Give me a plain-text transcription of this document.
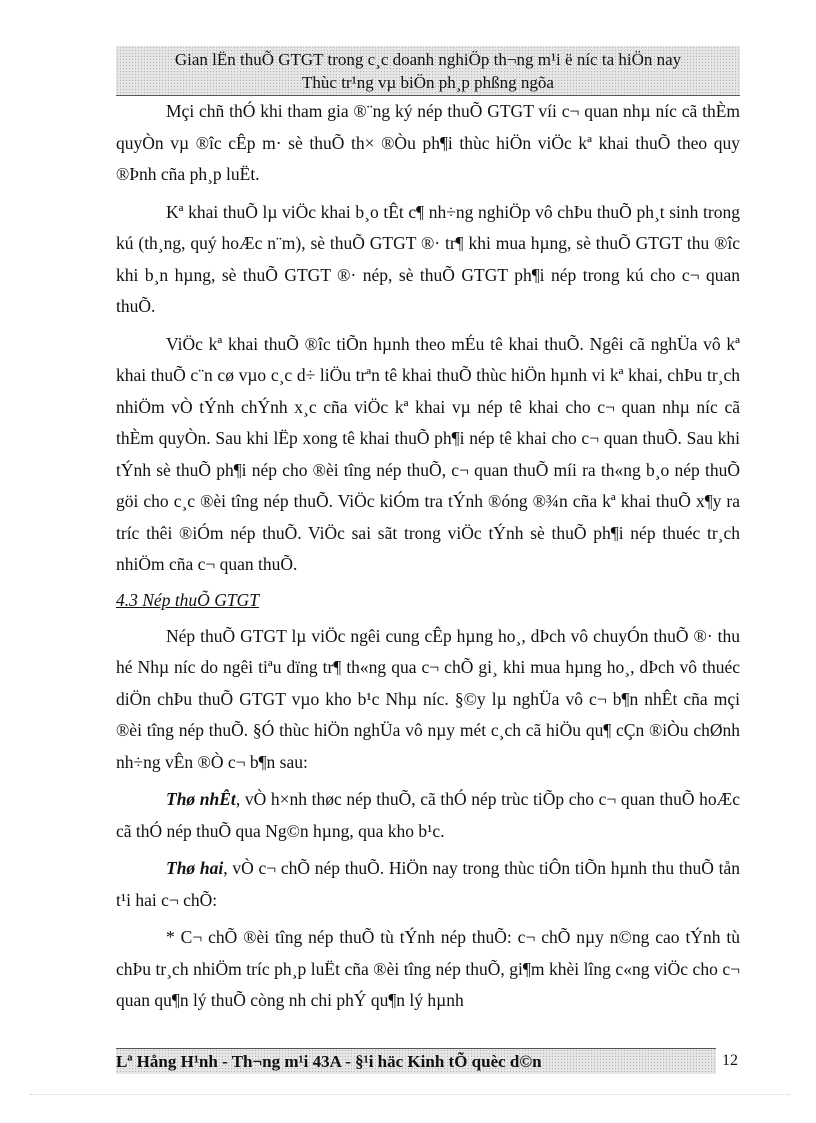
Gian lËn thuÕ GTGT trong c¸c doanh nghiÖp th¬ng m¹i ë níc ta hiÖn nay
Thùc tr¹ng vµ biÖn ph¸p phßng ngõa

Mçi chñ thÓ khi tham gia ®¨ng ký nép thuÕ GTGT víi c¬ quan nhµ níc cã thÈm quyÒn vµ ®îc cÊp m· sè thuÕ th× ®Òu ph¶i thùc hiÖn viÖc kª khai thuÕ theo quy ®Þnh cña ph¸p luËt.

Kª khai thuÕ lµ viÖc khai b¸o tÊt c¶ nh÷ng nghiÖp vô chÞu thuÕ ph¸t sinh trong kú (th¸ng, quý hoÆc n¨m), sè thuÕ GTGT ®· tr¶ khi mua hµng, sè thuÕ GTGT thu ®îc khi b¸n hµng, sè thuÕ GTGT ®· nép, sè thuÕ GTGT ph¶i nép trong kú cho c¬ quan thuÕ.

ViÖc kª khai thuÕ ®îc tiÕn hµnh theo mÉu tê khai thuÕ. Ngêi cã nghÜa vô kª khai thuÕ c¨n cø vµo c¸c d÷ liÖu trªn tê khai thuÕ thùc hiÖn hµnh vi kª khai, chÞu tr¸ch nhiÖm vÒ tÝnh chÝnh x¸c cña viÖc kª khai vµ nép tê khai cho c¬ quan nhµ níc cã thÈm quyÒn. Sau khi lËp xong tê khai thuÕ ph¶i nép tê khai cho c¬ quan thuÕ. Sau khi tÝnh sè thuÕ ph¶i nép cho ®èi tîng nép thuÕ, c¬ quan thuÕ míi ra th«ng b¸o nép thuÕ göi cho c¸c ®èi tîng nép thuÕ. ViÖc kiÓm tra tÝnh ®óng ®¾n cña kª khai thuÕ x¶y ra tríc thêi ®iÓm nép thuÕ. ViÖc sai sãt trong viÖc tÝnh sè thuÕ ph¶i nép thuéc tr¸ch nhiÖm cña c¬ quan thuÕ.

4.3 Nép thuÕ GTGT

Nép thuÕ GTGT lµ viÖc ngêi cung cÊp hµng ho¸, dÞch vô chuyÓn thuÕ ®· thu hé Nhµ níc do ngêi tiªu dïng tr¶ th«ng qua c¬ chÕ gi¸ khi mua hµng ho¸, dÞch vô thuéc diÖn chÞu thuÕ GTGT vµo kho b¹c Nhµ níc. §©y lµ nghÜa vô c¬ b¶n nhÊt cña mçi ®èi tîng nép thuÕ. §Ó thùc hiÖn nghÜa vô nµy mét c¸ch cã hiÖu qu¶ cÇn ®iÒu chØnh nh÷ng vÊn ®Ò c¬ b¶n sau:

Thø nhÊt, vÒ h×nh thøc nép thuÕ, cã thÓ nép trùc tiÕp cho c¬ quan thuÕ hoÆc cã thÓ nép thuÕ qua Ng©n hµng, qua kho b¹c.

Thø hai, vÒ c¬ chÕ nép thuÕ. HiÖn nay trong thùc tiÔn tiÕn hµnh thu thuÕ tån t¹i hai c¬ chÕ:

* C¬ chÕ ®èi tîng nép thuÕ tù tÝnh nép thuÕ: c¬ chÕ nµy n©ng cao tÝnh tù chÞu tr¸ch nhiÖm tríc ph¸p luËt cña ®èi tîng nép thuÕ, gi¶m khèi lîng c«ng viÖc cho c¬ quan qu¶n lý thuÕ còng nh chi phÝ qu¶n lý hµnh

Lª Hång H¹nh - Th¬ng m¹i 43A - §¹i häc Kinh tÕ quèc d©n	12
